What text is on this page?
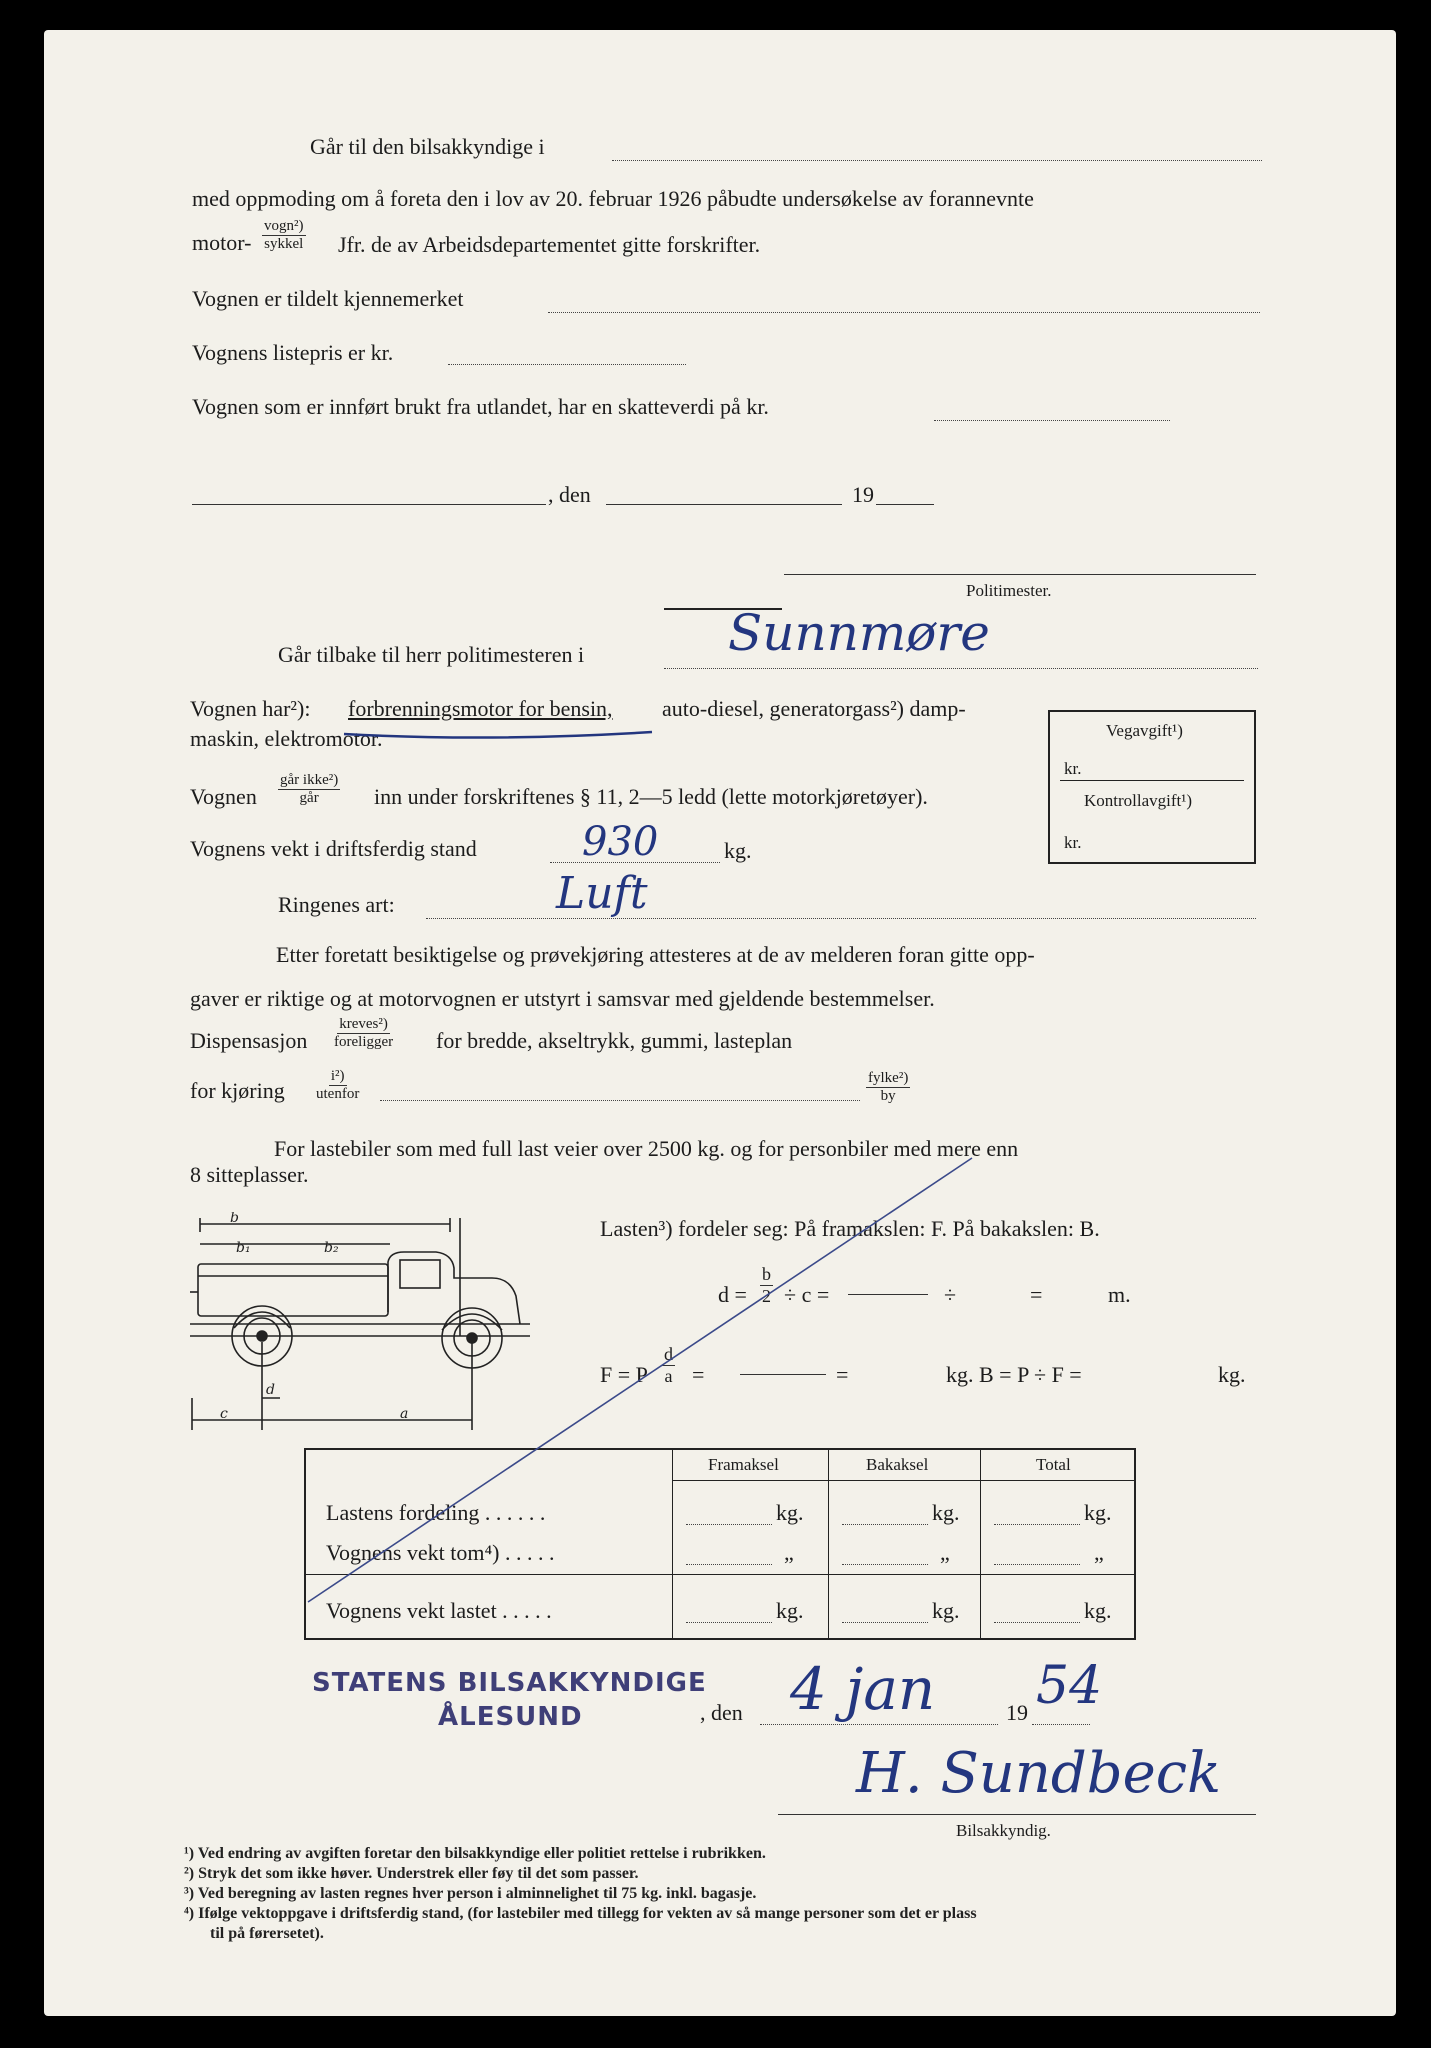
Går til den bilsakkyndige i
med oppmoding om å foreta den i lov av 20. februar 1926 påbudte undersøkelse av forannevnte
motor-
vogn²)
sykkel Jfr. de av Arbeidsdepartementet gitte forskrifter.
Vognen er tildelt kjennemerket
Vognens listepris er kr.
Vognen som er innført brukt fra utlandet, har en skatteverdi på kr.
, den	19
Politimester.
Går tilbake til herr politimesteren i	Sunnmøre
Vognen har²): forbrenningsmotor for bensin, auto-diesel, generatorgass²) damp-
maskin, elektromotor.
Vognen
går ikke²)
går	inn under forskriftenes § 11, 2—5 ledd (lette motorkjøretøyer).
Vognens vekt i driftsferdig stand	930	kg.
Ringenes art:	Luft
Etter foretatt besiktigelse og prøvekjøring attesteres at de av melderen foran gitte opp-
gaver er riktige og at motorvognen er utstyrt i samsvar med gjeldende bestemmelser.
Dispensasjon
kreves²)
foreligger for bredde, akseltrykk, gummi, lasteplan
for kjøring
i²)
utenfor
fylke²)
by
Vegavgift¹)
kr.
Kontrollavgift¹)
kr.
For lastebiler som med full last veier over 2500 kg. og for personbiler med mere enn
8 sitteplasser.
b
b₁	b₂
c
d
a
Lasten³) fordeler seg: På framakslen: F. På bakakslen: B.
$d = \frac{b}{2} \div c$ =	÷	=	m.
F = P $\frac{d}{a}$ =	=	kg. B = P ÷ F =	kg.
Framaksel	Bakaksel	Total
Lastens fordeling . . . . . .	kg.	kg.	kg.
Vognens vekt tom⁴) . . . . .	„	„	„
Vognens vekt lastet . . . . .	kg.	kg.	kg.
STATENS BILSAKKYNDIGE
ÅLESUND	, den 4 jan	19 54
H. Sundbeck
Bilsakkyndig.
¹) Ved endring av avgiften foretar den bilsakkyndige eller politiet rettelse i rubrikken.
²) Stryk det som ikke høver. Understrek eller føy til det som passer.
³) Ved beregning av lasten regnes hver person i alminnelighet til 75 kg. inkl. bagasje.
⁴) Ifølge vektoppgave i driftsferdig stand, (for lastebiler med tillegg for vekten av så mange personer som det er plass
til på førersetet).
